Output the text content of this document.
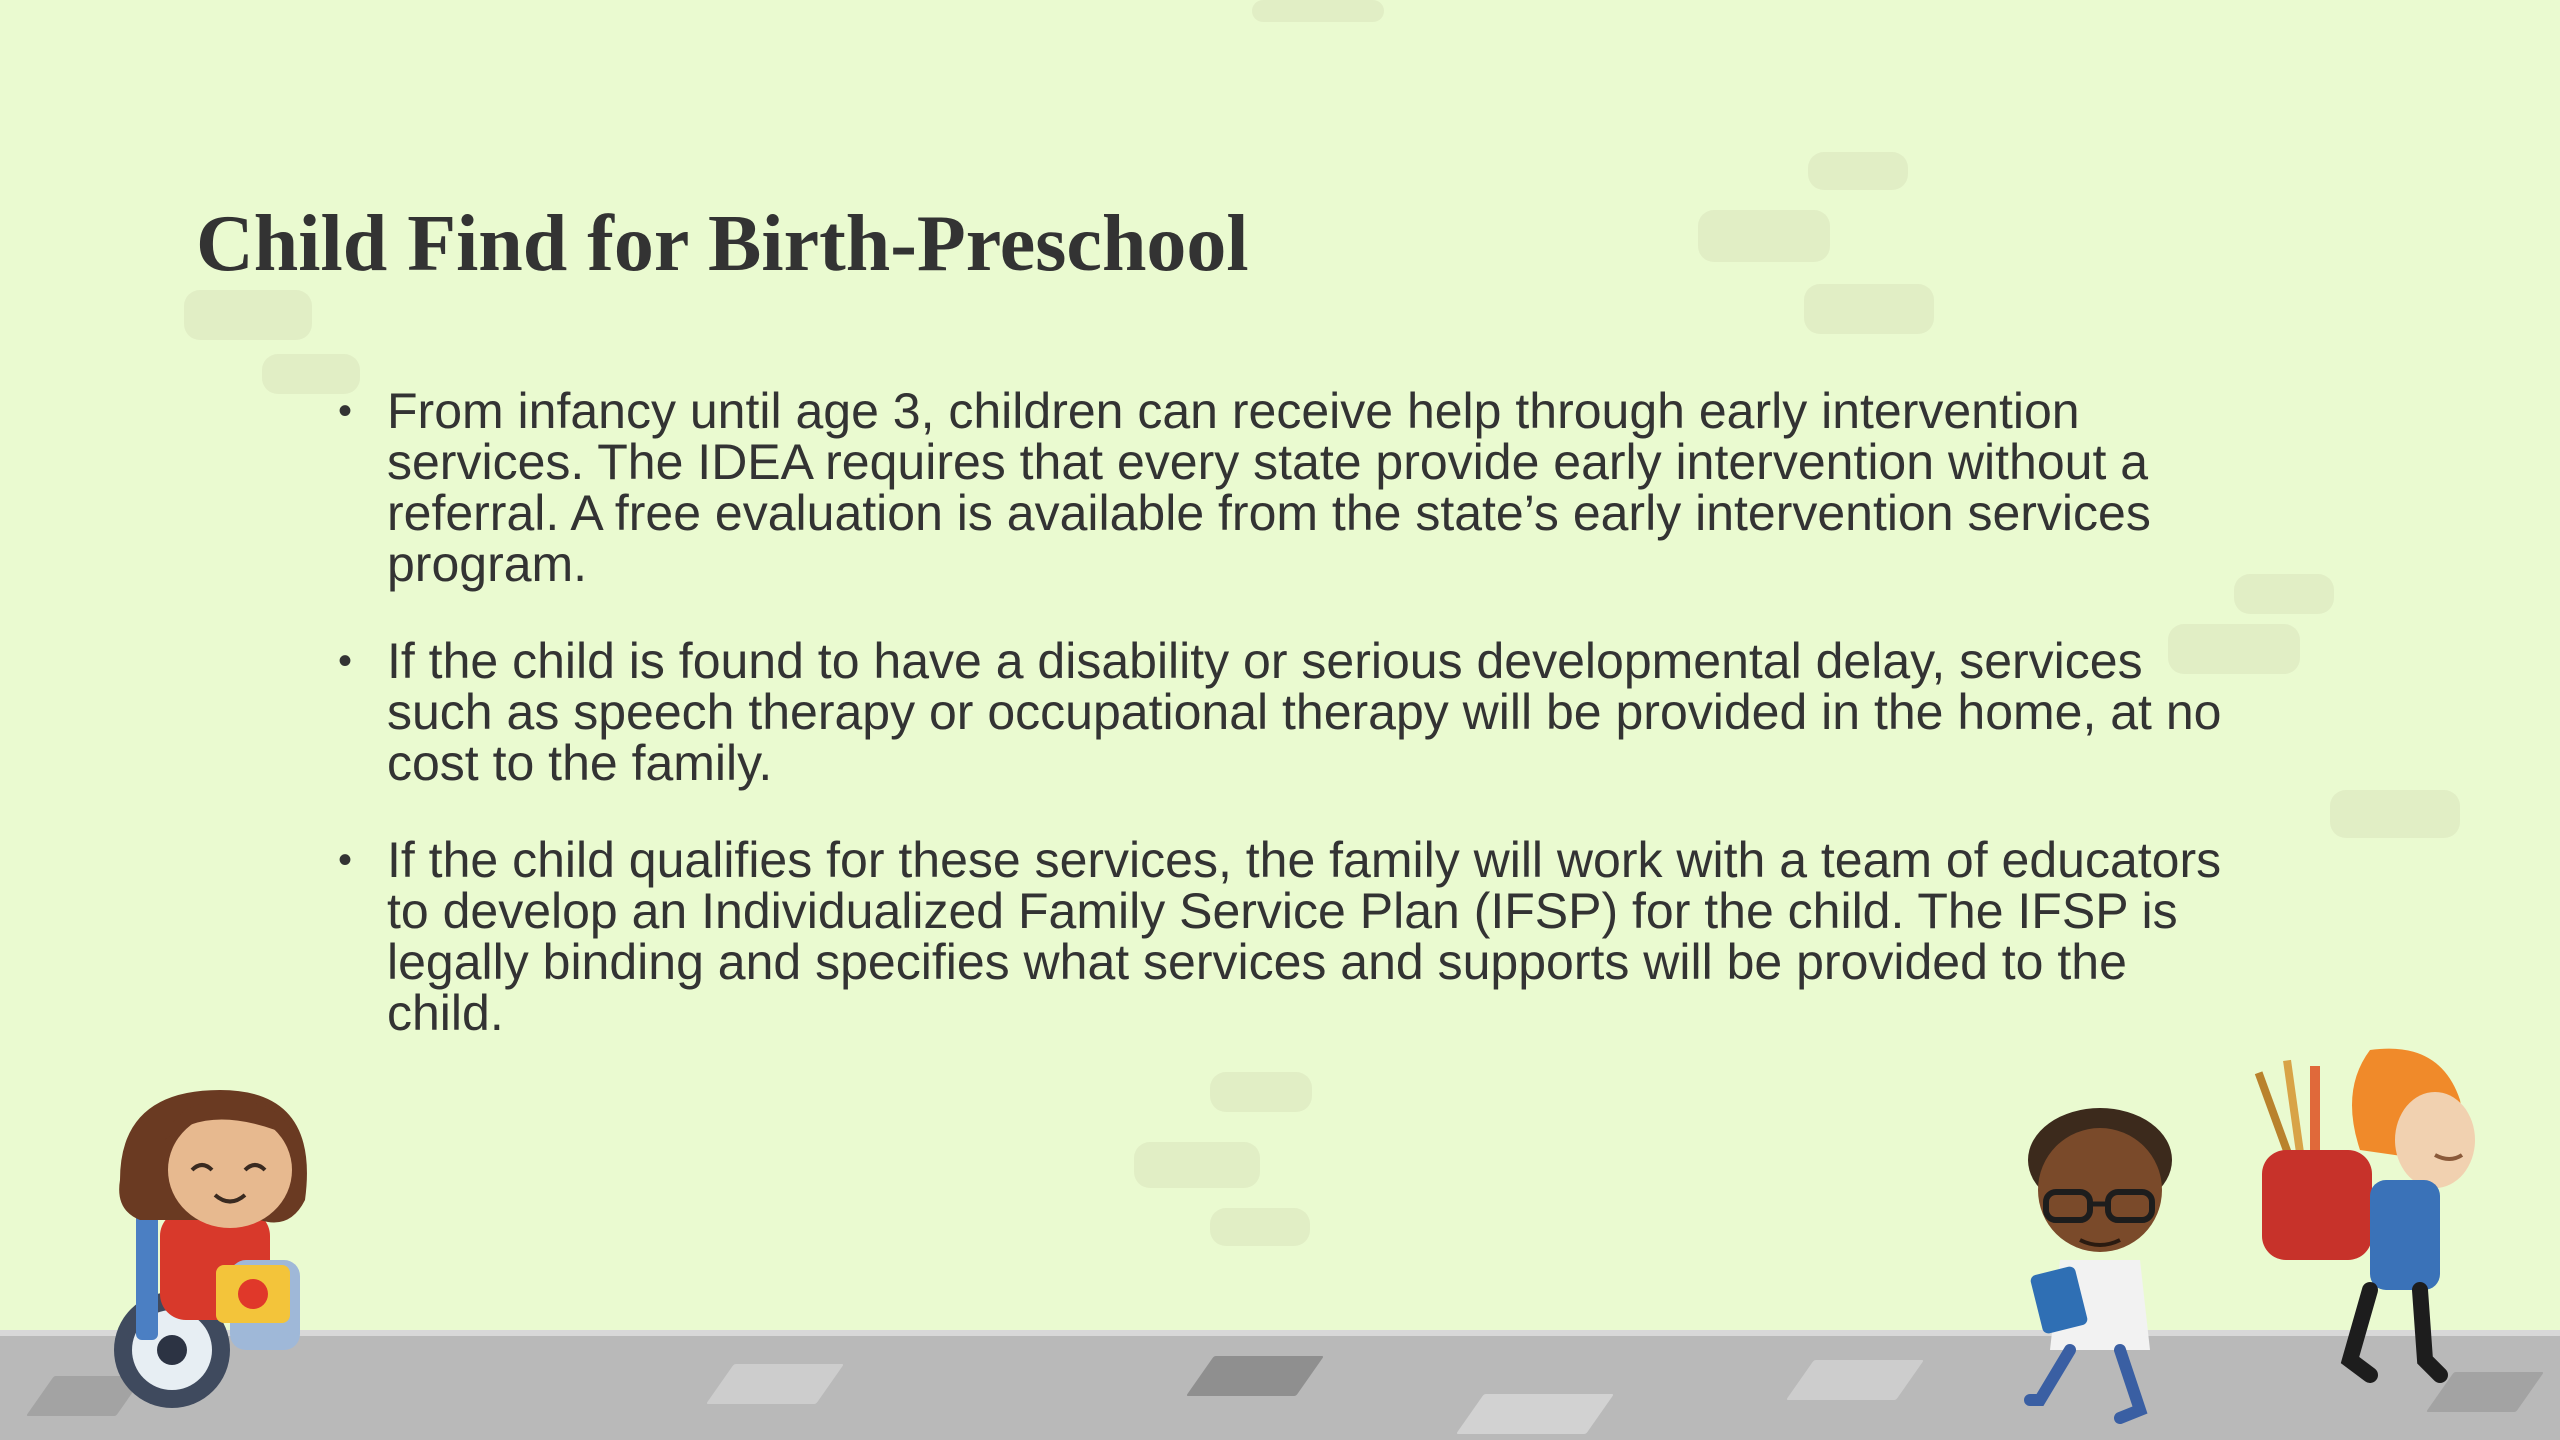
Child Find for Birth-Preschool
• From infancy until age 3, children can receive help through early intervention services. The IDEA requires that every state provide early intervention without a referral. A free evaluation is available from the state’s early intervention services program.
• If the child is found to have a disability or serious developmental delay, services such as speech therapy or occupational therapy will be provided in the home, at no cost to the family.
• If the child qualifies for these services, the family will work with a team of educators to develop an Individualized Family Service Plan (IFSP) for the child. The IFSP is legally binding and specifies what services and supports will be provided to the child.
